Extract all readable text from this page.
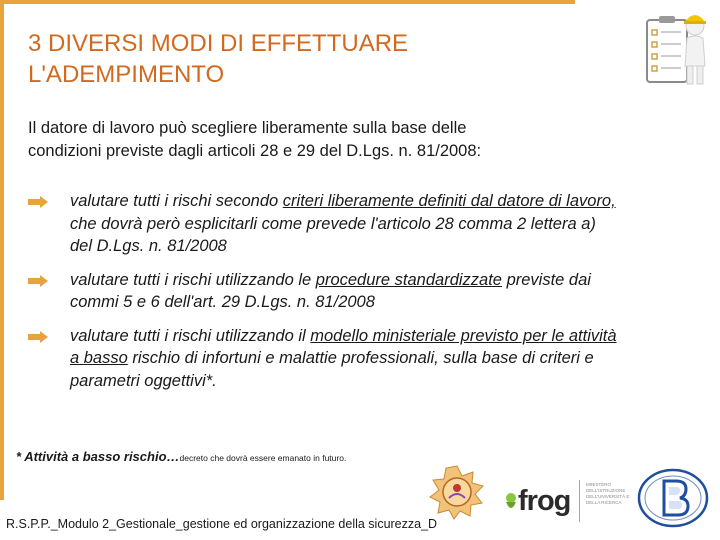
3 DIVERSI MODI DI EFFETTUARE
L'ADEMPIMENTO
Il datore di lavoro può scegliere liberamente sulla base delle
condizioni previste dagli articoli 28 e 29 del D.Lgs. n. 81/2008:
valutare tutti i rischi secondo criteri liberamente definiti dal datore di lavoro, che dovrà però esplicitarli come prevede l'articolo 28 comma 2 lettera a) del D.Lgs. n. 81/2008
valutare tutti i rischi utilizzando le procedure standardizzate previste dai commi 5 e 6 dell'art. 29 D.Lgs. n. 81/2008
valutare tutti i rischi utilizzando il modello ministeriale previsto per le attività a basso rischio di infortuni e malattie professionali, sulla base di criteri e parametri oggettivi*.
* Attività a basso rischio…decreto che dovrà essere emanato in futuro.
R.S.P.P._Modulo 2_Gestionale_gestione ed organizzazione della sicurezza_D
frog
MINISTERO DELL'ISTRUZIONE DELL'UNIVERSITÀ E DELLA RICERCA
